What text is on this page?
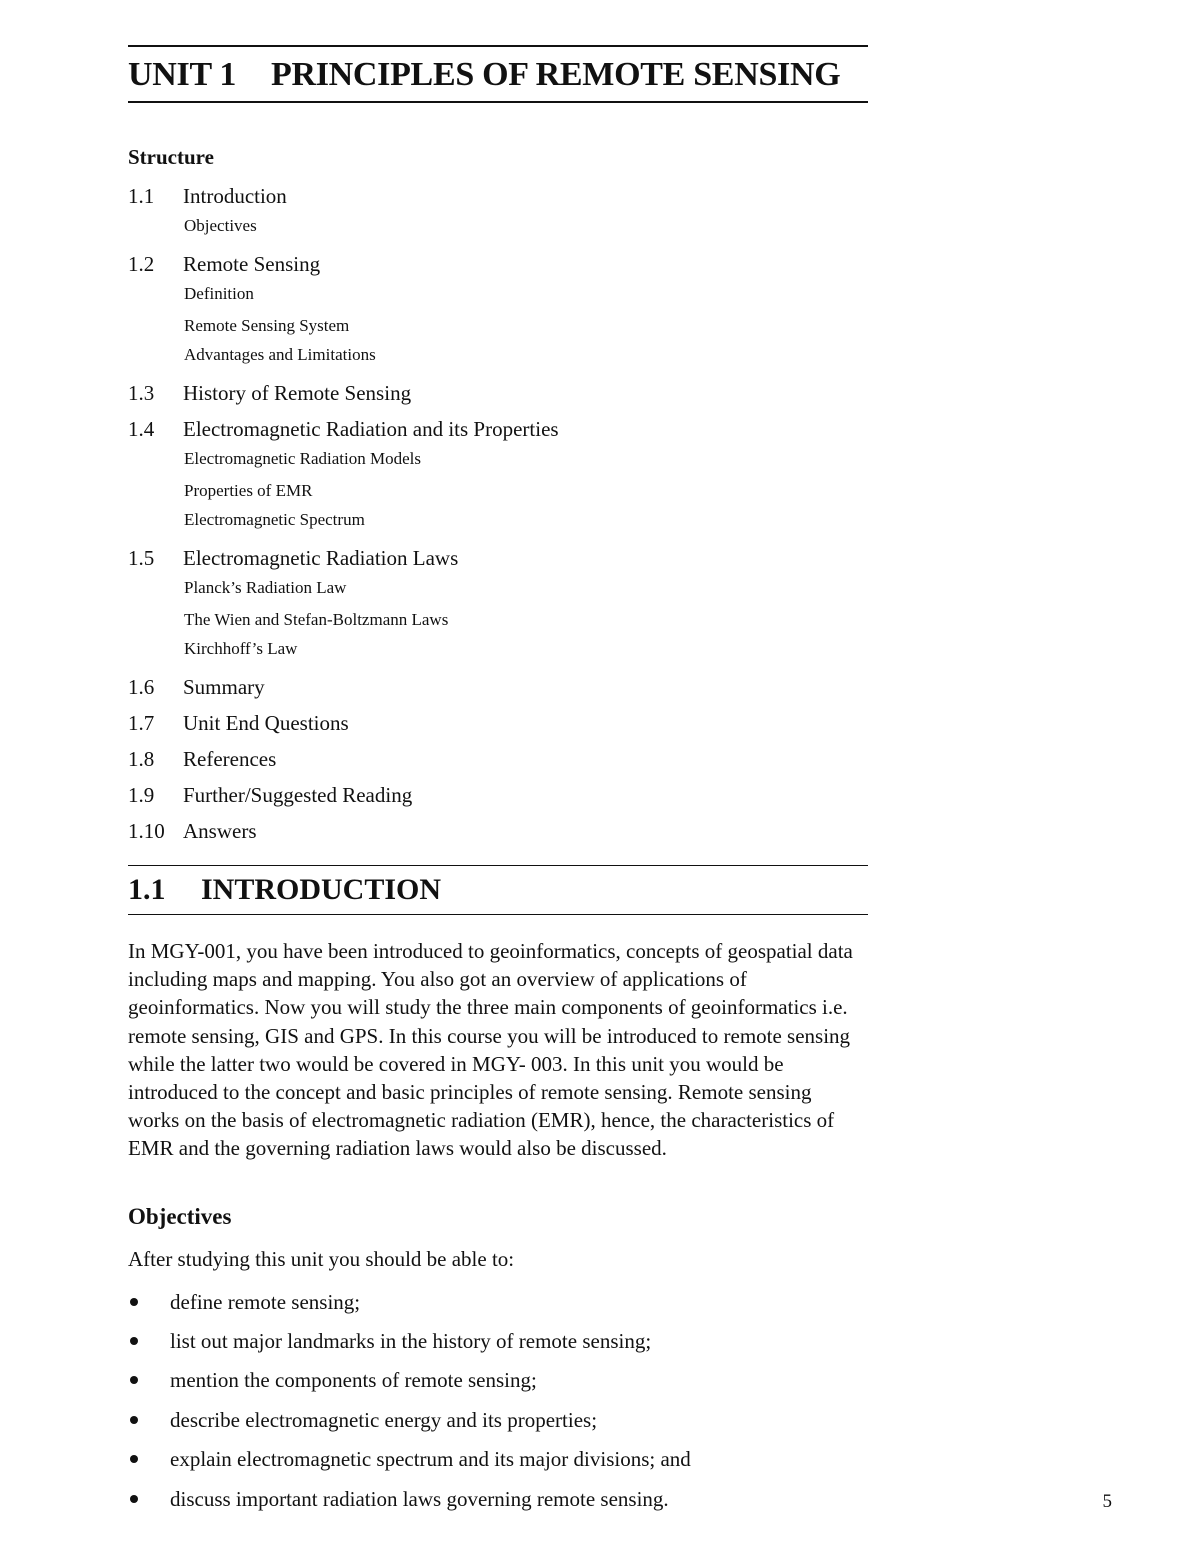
UNIT 1 PRINCIPLES OF REMOTE SENSING
Structure
1.1	Introduction
Objectives
1.2	Remote Sensing
Definition
Remote Sensing System
Advantages and Limitations
1.3	History of Remote Sensing
1.4	Electromagnetic Radiation and its Properties
Electromagnetic Radiation Models
Properties of EMR
Electromagnetic Spectrum
1.5	Electromagnetic Radiation Laws
Planck’s Radiation Law
The Wien and Stefan-Boltzmann Laws
Kirchhoff’s Law
1.6	Summary
1.7	Unit End Questions
1.8	References
1.9	Further/Suggested Reading
1.10 Answers
1.1 INTRODUCTION
In MGY-001, you have been introduced to geoinformatics, concepts of geospatial data including maps and mapping. You also got an overview of applications of geoinformatics. Now you will study the three main components of geoinformatics i.e. remote sensing, GIS and GPS. In this course you will be introduced to remote sensing while the latter two would be covered in MGY- 003. In this unit you would be introduced to the concept and basic principles of remote sensing. Remote sensing works on the basis of electromagnetic radiation (EMR), hence, the characteristics of EMR and the governing radiation laws would also be discussed.
Objectives
After studying this unit you should be able to:
define remote sensing;
list out major landmarks in the history of remote sensing;
mention the components of remote sensing;
describe electromagnetic energy and its properties;
explain electromagnetic spectrum and its major divisions; and
discuss important radiation laws governing remote sensing.	5
